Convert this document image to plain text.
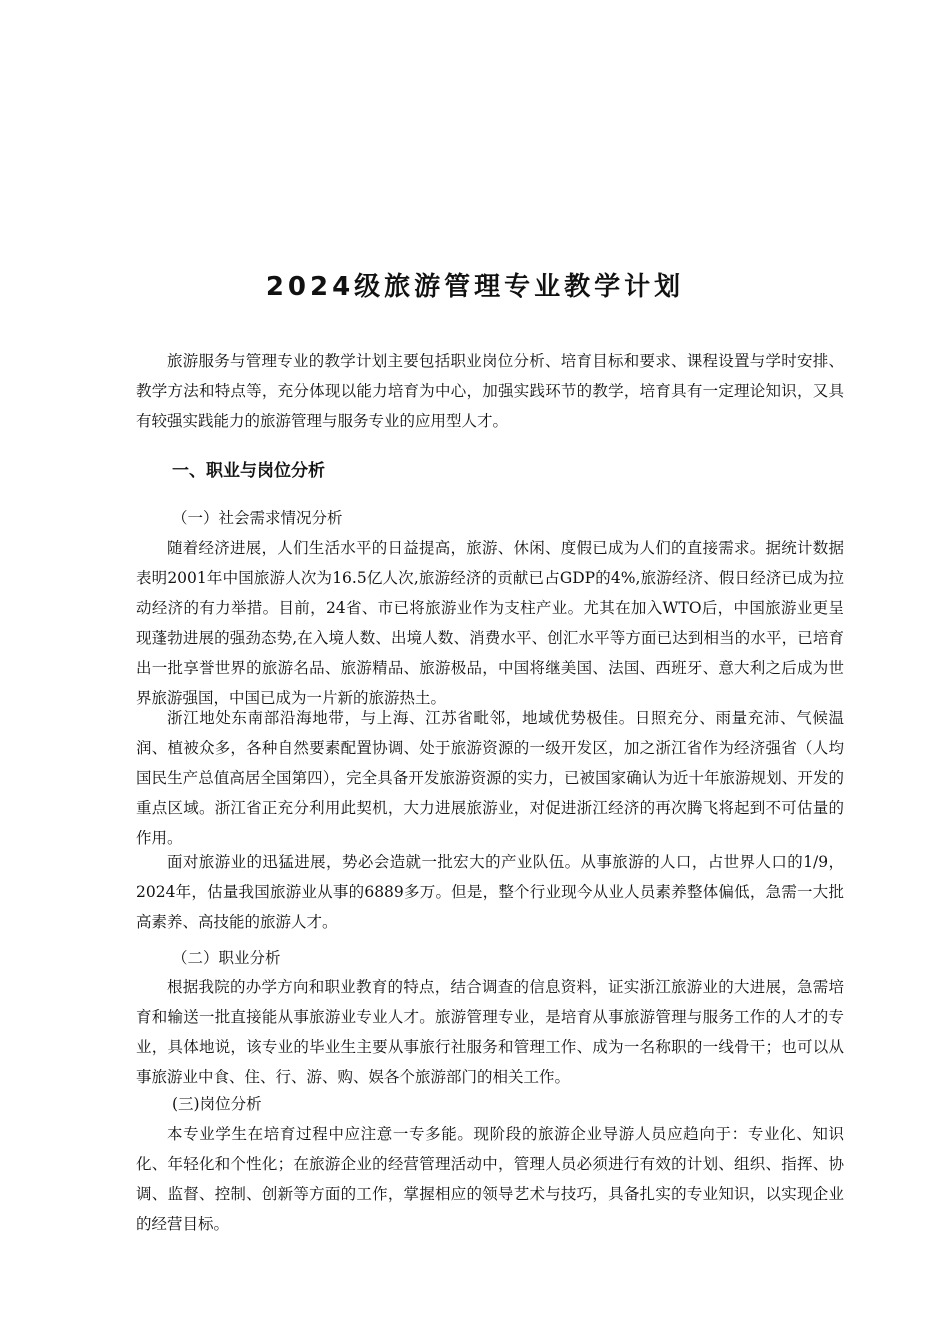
2024级旅游管理专业教学计划

旅游服务与管理专业的教学计划主要包括职业岗位分析、培育目标和要求、课程设置与学时安排、教学方法和特点等，充分体现以能力培育为中心，加强实践环节的教学，培育具有一定理论知识，又具有较强实践能力的旅游管理与服务专业的应用型人才。

一、职业与岗位分析
（一）社会需求情况分析

随着经济进展，人们生活水平的日益提高，旅游、休闲、度假已成为人们的直接需求。据统计数据表明2001年中国旅游人次为16.5亿人次,旅游经济的贡献已占GDP的4%,旅游经济、假日经济已成为拉动经济的有力举措。目前，24省、市已将旅游业作为支柱产业。尤其在加入WTO后，中国旅游业更呈现蓬勃进展的强劲态势,在入境人数、出境人数、消费水平、创汇水平等方面已达到相当的水平，已培育出一批享誉世界的旅游名品、旅游精品、旅游极品，中国将继美国、法国、西班牙、意大利之后成为世界旅游强国，中国已成为一片新的旅游热土。

浙江地处东南部沿海地带，与上海、江苏省毗邻，地域优势极佳。日照充分、雨量充沛、气候温润、植被众多，各种自然要素配置协调、处于旅游资源的一级开发区，加之浙江省作为经济强省（人均国民生产总值高居全国第四），完全具备开发旅游资源的实力，已被国家确认为近十年旅游规划、开发的重点区域。浙江省正充分利用此契机，大力进展旅游业，对促进浙江经济的再次腾飞将起到不可估量的作用。

面对旅游业的迅猛进展，势必会造就一批宏大的产业队伍。从事旅游的人口，占世界人口的1/9，2024年，估量我国旅游业从事的6889多万。但是，整个行业现今从业人员素养整体偏低，急需一大批高素养、高技能的旅游人才。

（二）职业分析

根据我院的办学方向和职业教育的特点，结合调查的信息资料，证实浙江旅游业的大进展，急需培育和输送一批直接能从事旅游业专业人才。旅游管理专业，是培育从事旅游管理与服务工作的人才的专业，具体地说，该专业的毕业生主要从事旅行社服务和管理工作、成为一名称职的一线骨干；也可以从事旅游业中食、住、行、游、购、娱各个旅游部门的相关工作。

(三)岗位分析

本专业学生在培育过程中应注意一专多能。现阶段的旅游企业导游人员应趋向于：专业化、知识化、年轻化和个性化；在旅游企业的经营管理活动中，管理人员必须进行有效的计划、组织、指挥、协调、监督、控制、创新等方面的工作，掌握相应的领导艺术与技巧，具备扎实的专业知识，以实现企业的经营目标。
